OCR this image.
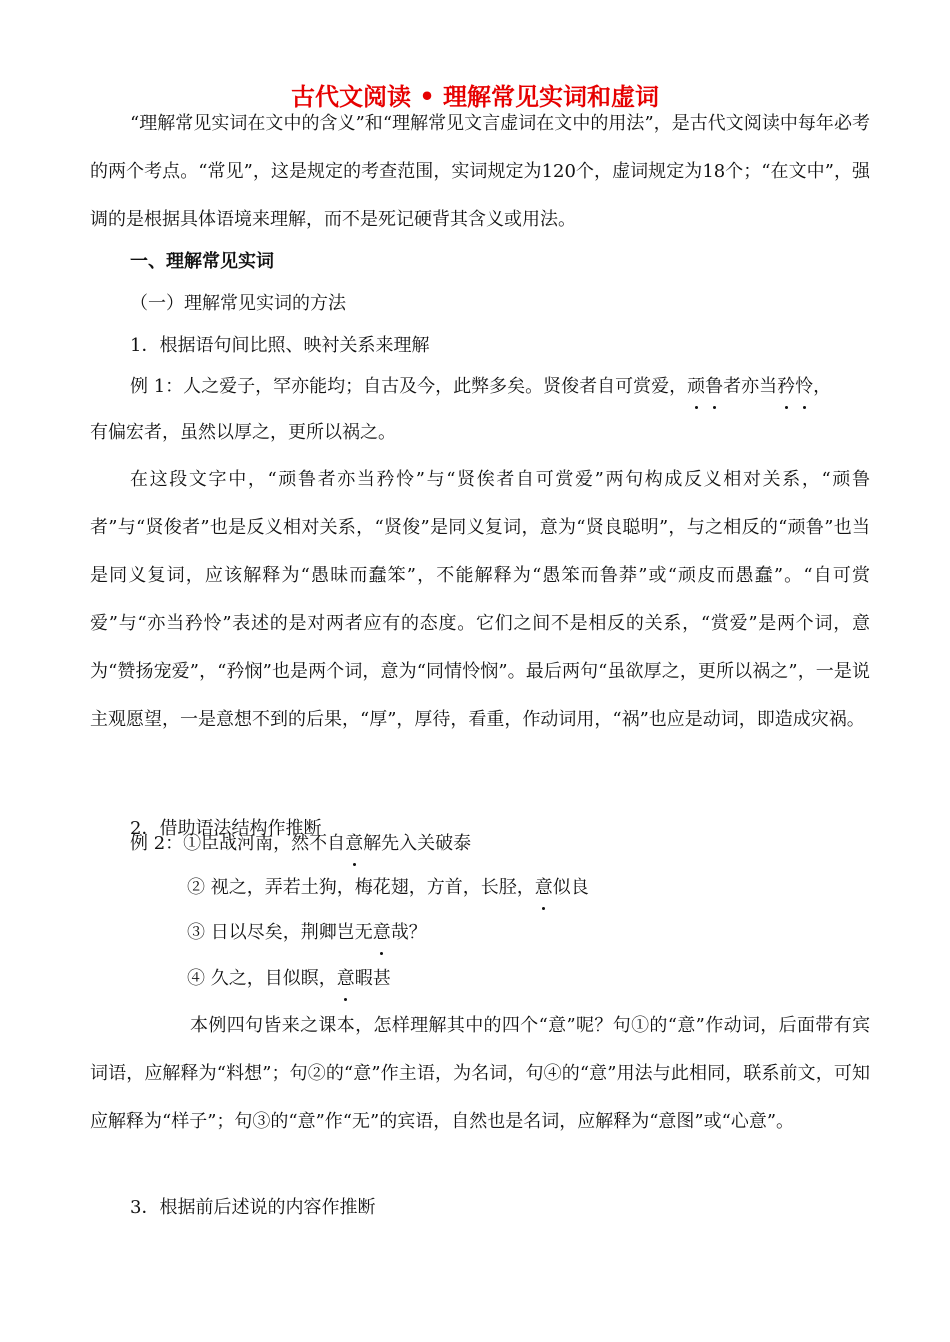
古代文阅读 • 理解常见实词和虚词
“理解常见实词在文中的含义”和“理解常见文言虚词在文中的用法”，是古代文阅读中每年必考的两个考点。“常见”，这是规定的考查范围，实词规定为120个，虚词规定为18个；“在文中”，强调的是根据具体语境来理解，而不是死记硬背其含义或用法。
一、理解常见实词
（一）理解常见实词的方法
1．根据语句间比照、映衬关系来理解
例 1：人之爱子，罕亦能均；自古及今，此弊多矣。贤俊者自可赏爱，顽鲁者亦当矜怜，
有偏宏者，虽然以厚之，更所以祸之。
在这段文字中，“顽鲁者亦当矜怜”与“贤俟者自可赏爱”两句构成反义相对关系，“顽鲁者”与“贤俊者”也是反义相对关系，“贤俊”是同义复词，意为“贤良聪明”，与之相反的“顽鲁”也当是同义复词，应该解释为“愚昧而蠢笨”，不能解释为“愚笨而鲁莽”或“顽皮而愚蠢”。“自可赏爱”与“亦当矜怜”表述的是对两者应有的态度。它们之间不是相反的关系，“赏爱”是两个词，意为“赞扬宠爱”，“矜悯”也是两个词，意为“同情怜悯”。最后两句“虽欲厚之，更所以祸之”，一是说主观愿望，一是意想不到的后果，“厚”，厚待，看重，作动词用，“祸”也应是动词，即造成灾祸。
2．借助语法结构作推断
例 2：①臣战河南，然不自意解先入关破泰
② 视之，弄若土狗，梅花翅，方首，长胫，意似良
③ 日以尽矣，荆卿岂无意哉？
④ 久之，目似瞑，意暇甚
本例四句皆来之课本，怎样理解其中的四个“意”呢？句①的“意”作动词，后面带有宾词语，应解释为“料想”；句②的“意”作主语，为名词，句④的“意”用法与此相同，联系前文，可知应解释为“样子”；句③的“意”作“无”的宾语，自然也是名词，应解释为“意图”或“心意”。
3．根据前后述说的内容作推断
